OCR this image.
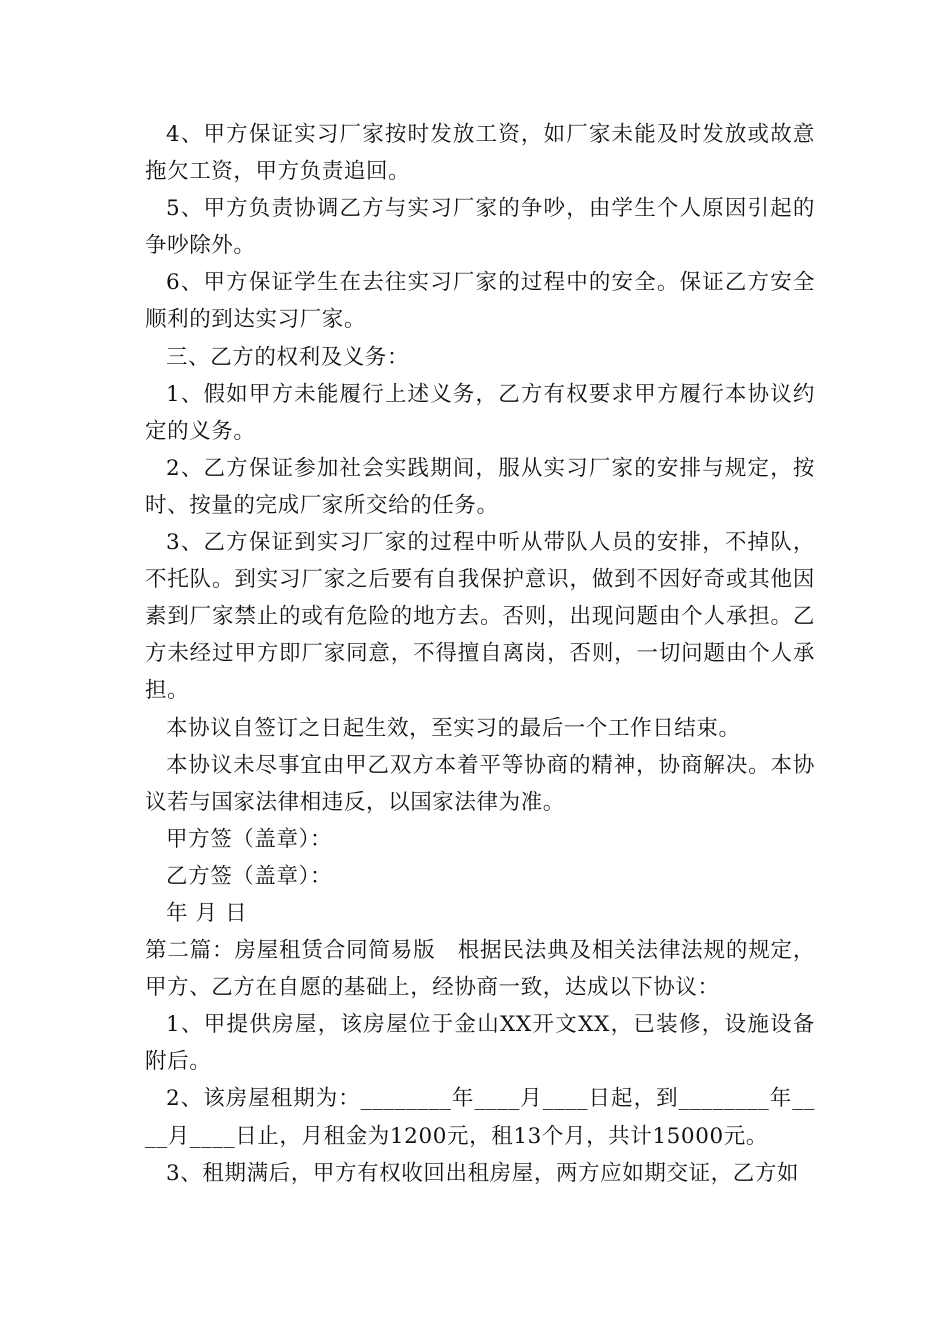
4、甲方保证实习厂家按时发放工资，如厂家未能及时发放或故意拖欠工资，甲方负责追回。

5、甲方负责协调乙方与实习厂家的争吵，由学生个人原因引起的争吵除外。

6、甲方保证学生在去往实习厂家的过程中的安全。保证乙方安全顺利的到达实习厂家。

三、乙方的权利及义务：

1、假如甲方未能履行上述义务，乙方有权要求甲方履行本协议约定的义务。

2、乙方保证参加社会实践期间，服从实习厂家的安排与规定，按时、按量的完成厂家所交给的任务。

3、乙方保证到实习厂家的过程中听从带队人员的安排，不掉队，不托队。到实习厂家之后要有自我保护意识，做到不因好奇或其他因素到厂家禁止的或有危险的地方去。否则，出现问题由个人承担。乙方未经过甲方即厂家同意，不得擅自离岗，否则，一切问题由个人承担。

本协议自签订之日起生效，至实习的最后一个工作日结束。

本协议未尽事宜由甲乙双方本着平等协商的精神，协商解决。本协议若与国家法律相违反，以国家法律为准。

甲方签（盖章）：

乙方签（盖章）：

年 月 日

第二篇：房屋租赁合同简易版　根据民法典及相关法律法规的规定，甲方、乙方在自愿的基础上，经协商一致，达成以下协议：

1、甲提供房屋，该房屋位于金山XX开文XX，已装修，设施设备附后。

2、该房屋租期为：________年____月____日起，到________年____月____日止，月租金为1200元，租13个月，共计15000元。

3、租期满后，甲方有权收回出租房屋，两方应如期交证，乙方如
